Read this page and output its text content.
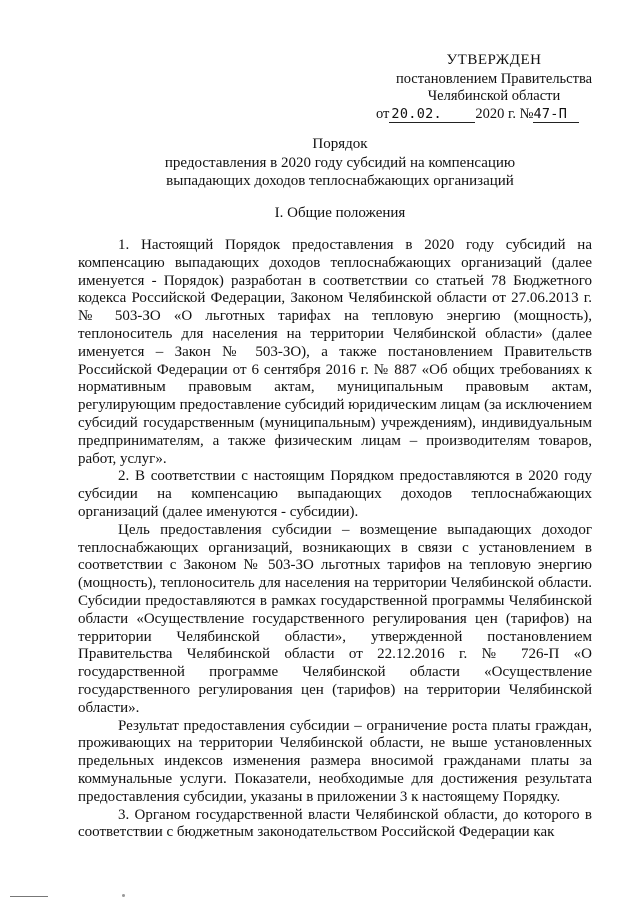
УТВЕРЖДЕН
постановлением Правительства
Челябинской области
от 20.02. 2020 г. №47-П
Порядок
предоставления в 2020 году субсидий на компенсацию
выпадающих доходов теплоснабжающих организаций
I. Общие положения

1. Настоящий Порядок предоставления в 2020 году субсидий на компенсацию выпадающих доходов теплоснабжающих организаций (далее именуется - Порядок) разработан в соответствии со статьей 78 Бюджетного кодекса Российской Федерации, Законом Челябинской области от 27.06.2013 г. № 503-ЗО «О льготных тарифах на тепловую энергию (мощность), теплоноситель для населения на территории Челябинской области» (далее именуется – Закон № 503-ЗО), а также постановлением Правительств Российской Федерации от 6 сентября 2016 г. № 887 «Об общих требованиях к нормативным правовым актам, муниципальным правовым актам, регулирующим предоставление субсидий юридическим лицам (за исключением субсидий государственным (муниципальным) учреждениям), индивидуальным предпринимателям, а также физическим лицам – производителям товаров, работ, услуг».

2. В соответствии с настоящим Порядком предоставляются в 2020 году субсидии на компенсацию выпадающих доходов теплоснабжающих организаций (далее именуются - субсидии).

Цель предоставления субсидии – возмещение выпадающих доходог теплоснабжающих организаций, возникающих в связи с установлением в соответствии с Законом № 503-ЗО льготных тарифов на тепловую энергию (мощность), теплоноситель для населения на территории Челябинской области. Субсидии предоставляются в рамках государственной программы Челябинской области «Осуществление государственного регулирования цен (тарифов) на территории Челябинской области», утвержденной постановлением Правительства Челябинской области от 22.12.2016 г. № 726-П «О государственной программе Челябинской области «Осуществление государственного регулирования цен (тарифов) на территории Челябинской области».

Результат предоставления субсидии – ограничение роста платы граждан, проживающих на территории Челябинской области, не выше установленных предельных индексов изменения размера вносимой гражданами платы за коммунальные услуги. Показатели, необходимые для достижения результата предоставления субсидии, указаны в приложении 3 к настоящему Порядку.

3. Органом государственной власти Челябинской области, до которого в соответствии с бюджетным законодательством Российской Федерации как
